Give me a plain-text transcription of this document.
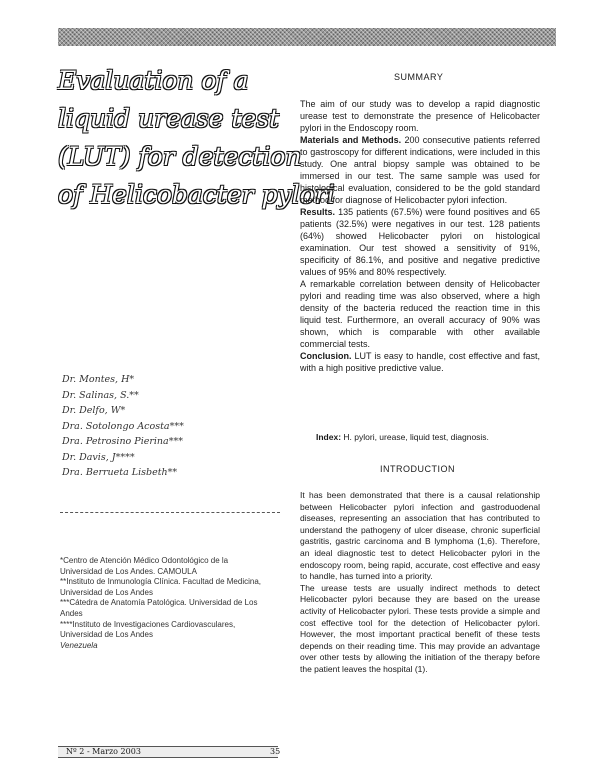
Evaluation of a
liquid urease test
(LUT) for detection
of Helicobacter pylori
SUMMARY

The aim of our study was to develop a rapid diagnostic urease test to demonstrate the presence of Helicobacter pylori in the Endoscopy room.

Materials and Methods. 200 consecutive patients referred to gastroscopy for different indications, were included in this study. One antral biopsy sample was obtained to be immersed in our test. The same sample was used for histological evaluation, considered to be the gold standard method for diagnose of Helicobacter pylori infection.

Results. 135 patients (67.5%) were found positives and 65 patients (32.5%) were negatives in our test. 128 patients (64%) showed Helicobacter pylori on histological examination. Our test showed a sensitivity of 91%, specificity of 86.1%, and positive and negative predictive values of 95% and 80% respectively.

A remarkable correlation between density of Helicobacter pylori and reading time was also observed, where a high density of the bacteria reduced the reaction time in this liquid test. Furthermore, an overall accuracy of 90% was shown, which is comparable with other available commercial tests.

Conclusion. LUT is easy to handle, cost effective and fast, with a high positive predictive value.

Index: H. pylori, urease, liquid test, diagnosis.
INTRODUCTION

It has been demonstrated that there is a causal relationship between Helicobacter pylori infection and gastroduodenal diseases, representing an association that has contributed to understand the pathogeny of ulcer disease, chronic superficial gastritis, gastric carcinoma and B lymphoma (1,6). Therefore, an ideal diagnostic test to detect Helicobacter pylori in the endoscopy room, being rapid, accurate, cost effective and easy to handle, has turned into a priority.

The urease tests are usually indirect methods to detect Helicobacter pylori because they are based on the urease activity of Helicobacter pylori. These tests provide a simple and cost effective tool for the detection of Helicobacter pylori. However, the most important practical benefit of these tests depends on their reading time. This may provide an advantage over other tests by allowing the initiation of the therapy before the patient leaves the hospital (1).

Dr. Montes, H*
Dr. Salinas, S.**
Dr. Delfo, W*
Dra. Sotolongo Acosta***
Dra. Petrosino Pierina***
Dr. Davis, J****
Dra. Berrueta Lisbeth**
*Centro de Atención Médico Odontológico de la
Universidad de Los Andes. CAMOULA
**Instituto de Inmunología Clínica. Facultad de Medicina,
Universidad de Los Andes
***Cátedra de Anatomía Patológica. Universidad de Los
Andes
****Instituto de Investigaciones Cardiovasculares,
Universidad de Los Andes
Venezuela
Nº 2 - Marzo 2003	35
